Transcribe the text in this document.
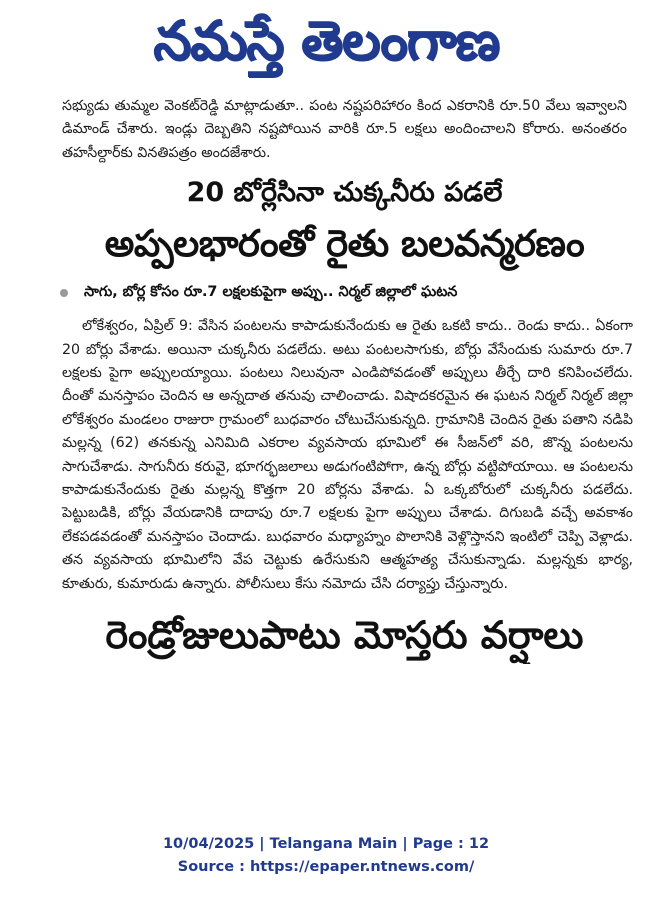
నమస్తే తెలంగాణ

సభ్యుడు తుమ్మల వెంకట్‌రెడ్డి మాట్లాడుతూ.. పంట నష్టపరిహారం కింద ఎకరానికి రూ.50 వేలు ఇవ్వాలని డిమాండ్ చేశారు. ఇండ్లు దెబ్బతిని నష్టపోయిన వారికి రూ.5 లక్షలు అందించాలని కోరారు. అనంతరం తహసీల్దార్‌కు వినతిపత్రం అందజేశారు.

20 బోర్లేసినా చుక్కనీరు పడలే
అప్పలభారంతో రైతు బలవన్మరణం
సాగు, బోర్ల కోసం రూ.7 లక్షలకుపైగా అప్పు.. నిర్మల్ జిల్లాలో ఘటన

లోకేశ్వరం, ఏప్రిల్ 9: వేసిన పంటలను కాపాడుకునేందుకు ఆ రైతు ఒకటి కాదు.. రెండు కాదు.. ఏకంగా 20 బోర్లు వేశాడు. అయినా చుక్కనీరు పడలేదు. అటు పంటలసాగుకు, బోర్లు వేసేందుకు సుమారు రూ.7 లక్షలకు పైగా అప్పులయ్యాయి. పంటలు నిలువునా ఎండిపోవడంతో అప్పులు తీర్చే దారి కనిపించలేదు. దీంతో మనస్తాపం చెందిన ఆ అన్నదాత తనువు చాలించాడు. విషాదకరమైన ఈ ఘటన నిర్మల్ నిర్మల్ జిల్లా లోకేశ్వరం మండలం రాజురా గ్రామంలో బుధవారం చోటుచేసుకున్నది. గ్రామానికి చెందిన రైతు పతాని నడిపి మల్లన్న (62) తనకున్న ఎనిమిది ఎకరాల వ్యవసాయ భూమిలో ఈ సీజన్‌లో వరి, జొన్న పంటలను సాగుచేశాడు. సాగునీరు కరువై, భూగర్భజలాలు అడుగంటిపోగా, ఉన్న బోర్లు వట్టిపోయాయి. ఆ పంటలను కాపాడుకునేందుకు రైతు మల్లన్న కొత్తగా 20 బోర్లను వేశాడు. ఏ ఒక్కబోరులో చుక్కనీరు పడలేదు. పెట్టుబడికి, బోర్లు వేయడానికి దాదాపు రూ.7 లక్షలకు పైగా అప్పులు చేశాడు. దిగుబడి వచ్చే అవకాశం లేకపడవడంతో మనస్తాపం చెందాడు. బుధవారం మధ్యాహ్నం పొలానికి వెళ్లొస్తానని ఇంటిలో చెప్పి వెళ్లాడు. తన వ్యవసాయ భూమిలోని వేప చెట్టుకు ఉరేసుకుని ఆత్మహత్య చేసుకున్నాడు. మల్లన్నకు భార్య, కూతురు, కుమారుడు ఉన్నారు. పోలీసులు కేసు నమోదు చేసి దర్యాప్తు చేస్తున్నారు.

రెండ్రోజులుపాటు మోస్తరు వర్షాలు
10/04/2025 | Telangana Main | Page : 12
Source : https://epaper.ntnews.com/
